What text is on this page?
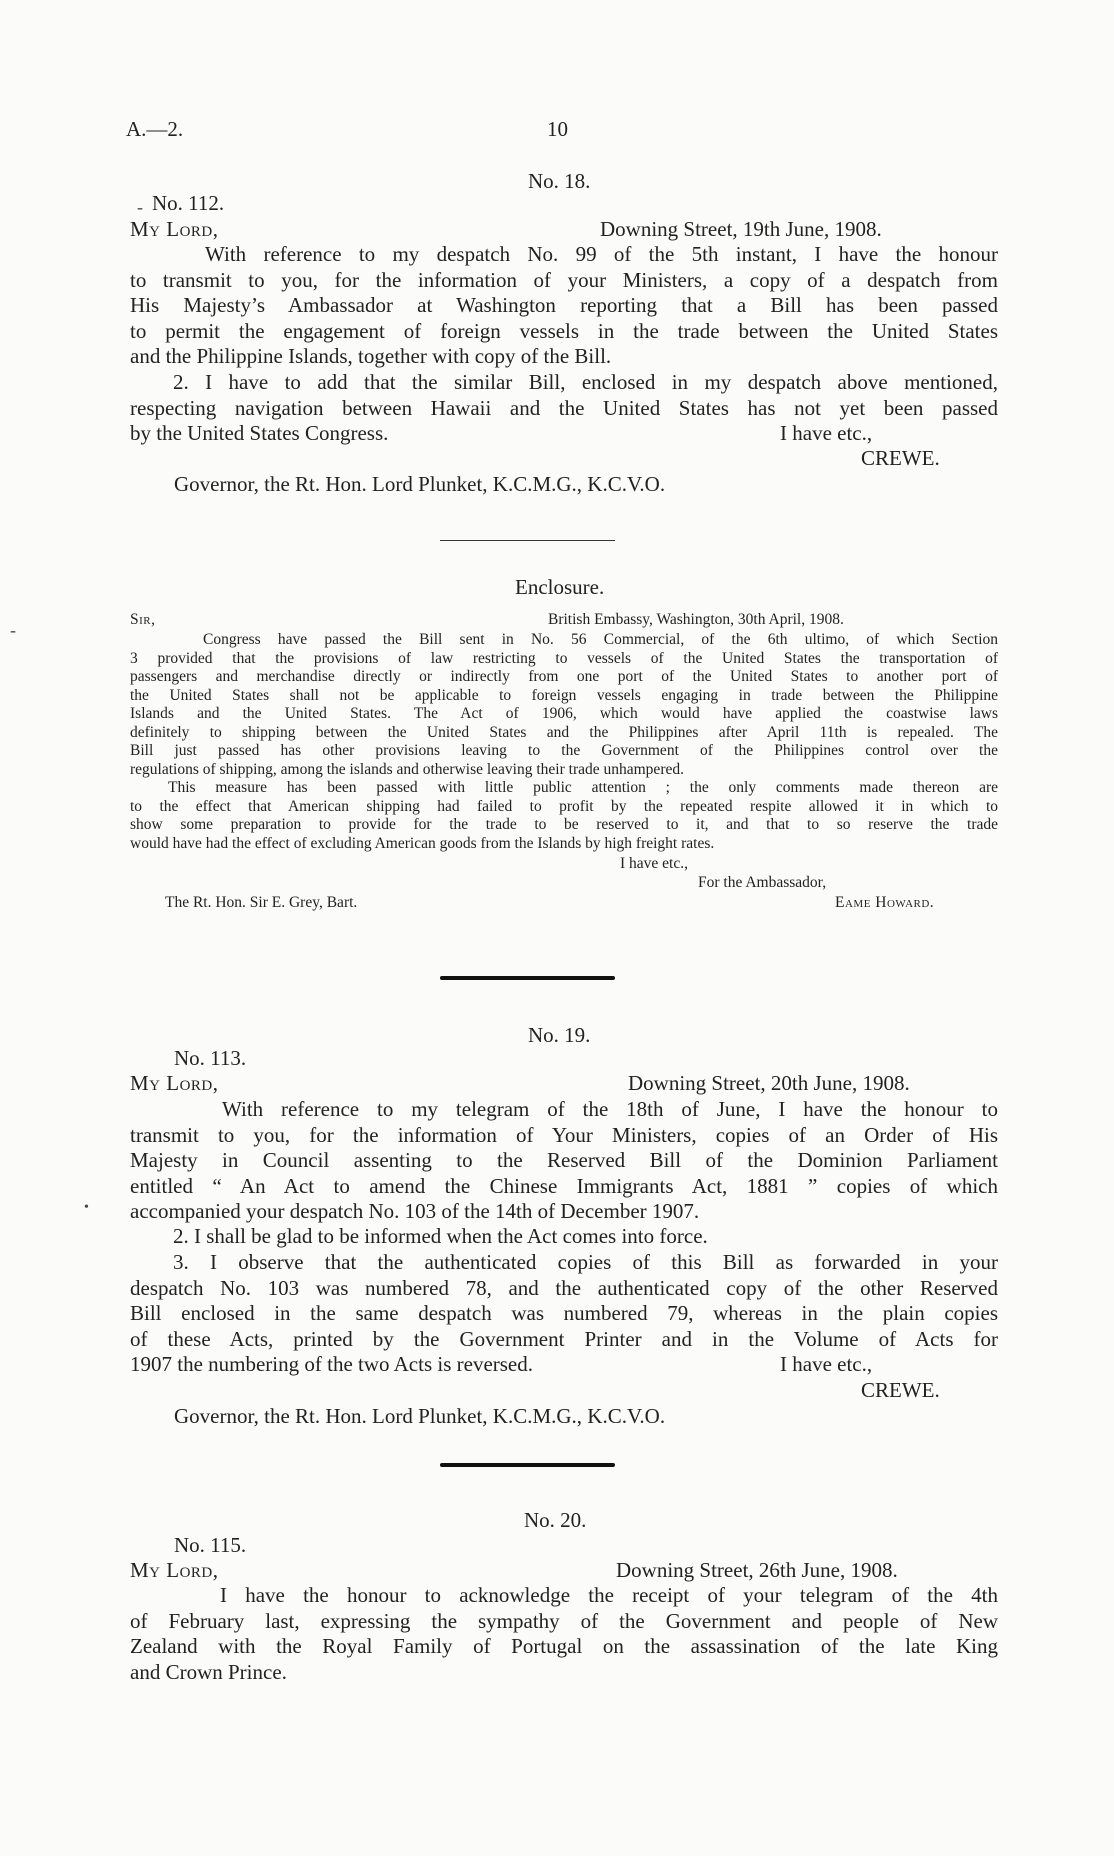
A.—2.	10
No. 18.
- No. 112.
My Lord,	Downing Street, 19th June, 1908.
With reference to my despatch No. 99 of the 5th instant, I have the honour
to transmit to you, for the information of your Ministers, a copy of a despatch from
His Majesty’s Ambassador at Washington reporting that a Bill has been passed
to permit the engagement of foreign vessels in the trade between the United States
and the Philippine Islands, together with copy of the Bill.
2. I have to add that the similar Bill, enclosed in my despatch above mentioned,
respecting navigation between Hawaii and the United States has not yet been passed
by the United States Congress.	I have etc.,
CREWE.
Governor, the Rt. Hon. Lord Plunket, K.C.M.G., K.C.V.O.
Enclosure.
Sir,	British Embassy, Washington, 30th April, 1908.
Congress have passed the Bill sent in No. 56 Commercial, of the 6th ultimo, of which Section
3 provided that the provisions of law restricting to vessels of the United States the transportation of
passengers and merchandise directly or indirectly from one port of the United States to another port of
the United States shall not be applicable to foreign vessels engaging in trade between the Philippine
Islands and the United States. The Act of 1906, which would have applied the coastwise laws
definitely to shipping between the United States and the Philippines after April 11th is repealed. The
Bill just passed has other provisions leaving to the Government of the Philippines control over the
regulations of shipping, among the islands and otherwise leaving their trade unhampered.
This measure has been passed with little public attention ; the only comments made thereon are
to the effect that American shipping had failed to profit by the repeated respite allowed it in which to
show some preparation to provide for the trade to be reserved to it, and that to so reserve the trade
would have had the effect of excluding American goods from the Islands by high freight rates.
I have etc.,
For the Ambassador,
The Rt. Hon. Sir E. Grey, Bart.	Eame Howard.
No. 19.
No. 113.
My Lord,	Downing Street, 20th June, 1908.
-
•
With reference to my telegram of the 18th of June, I have the honour to
transmit to you, for the information of Your Ministers, copies of an Order of His
Majesty in Council assenting to the Reserved Bill of the Dominion Parliament
entitled “ An Act to amend the Chinese Immigrants Act, 1881 ” copies of which
accompanied your despatch No. 103 of the 14th of December 1907.
2. I shall be glad to be informed when the Act comes into force.
3. I observe that the authenticated copies of this Bill as forwarded in your
despatch No. 103 was numbered 78, and the authenticated copy of the other Reserved
Bill enclosed in the same despatch was numbered 79, whereas in the plain copies
of these Acts, printed by the Government Printer and in the Volume of Acts for
1907 the numbering of the two Acts is reversed.	I have etc.,
CREWE.
Governor, the Rt. Hon. Lord Plunket, K.C.M.G., K.C.V.O.
No. 20.
No. 115.
My Lord,	Downing Street, 26th June, 1908.
I have the honour to acknowledge the receipt of your telegram of the 4th
of February last, expressing the sympathy of the Government and people of New
Zealand with the Royal Family of Portugal on the assassination of the late King
and Crown Prince.
